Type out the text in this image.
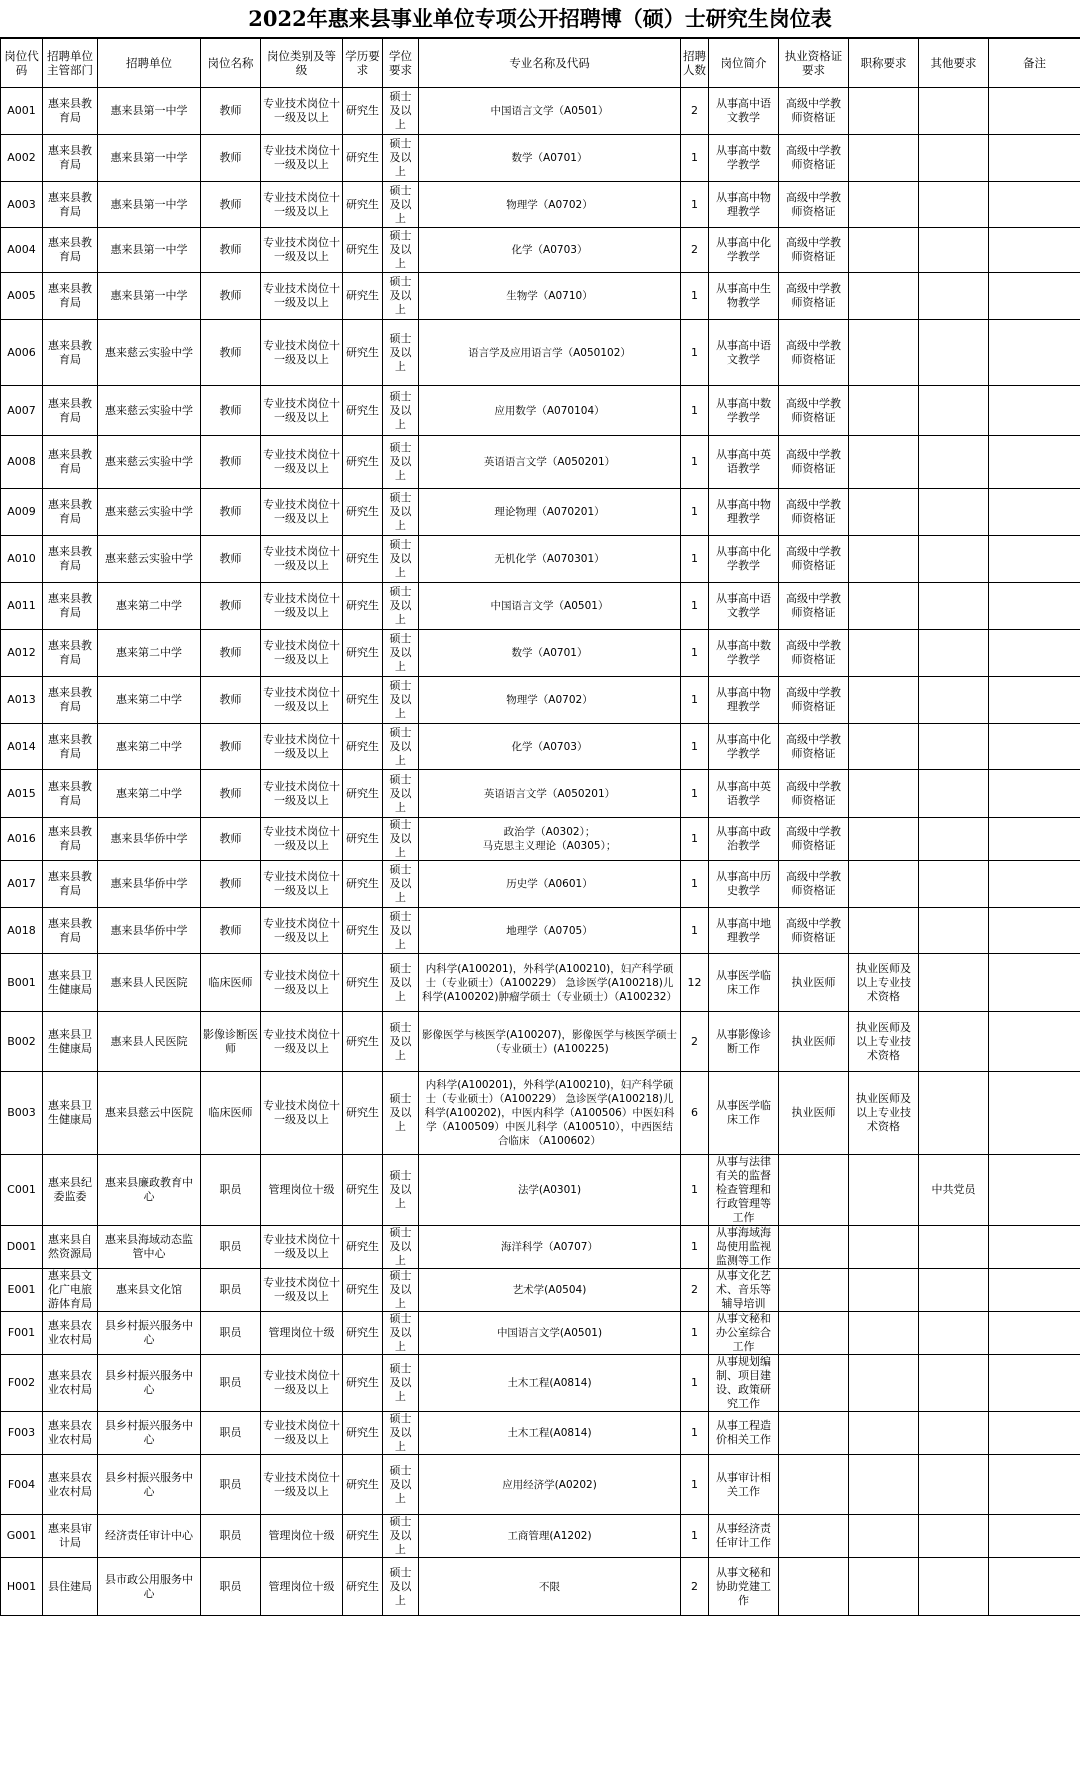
2022年惠来县事业单位专项公开招聘博（硕）士研究生岗位表
岗位代码	招聘单位主管部门	招聘单位	岗位名称	岗位类别及等级	学历要求	学位要求	专业名称及代码	招聘人数	岗位简介	执业资格证要求	职称要求	其他要求	备注
A001	惠来县教育局	惠来县第一中学	教师	专业技术岗位十一级及以上	研究生	硕士及以上	中国语言文学（A0501）	2	从事高中语文教学	高级中学教师资格证			
A002	惠来县教育局	惠来县第一中学	教师	专业技术岗位十一级及以上	研究生	硕士及以上	数学（A0701）	1	从事高中数学教学	高级中学教师资格证			
A003	惠来县教育局	惠来县第一中学	教师	专业技术岗位十一级及以上	研究生	硕士及以上	物理学（A0702）	1	从事高中物理教学	高级中学教师资格证			
A004	惠来县教育局	惠来县第一中学	教师	专业技术岗位十一级及以上	研究生	硕士及以上	化学（A0703）	2	从事高中化学教学	高级中学教师资格证			
A005	惠来县教育局	惠来县第一中学	教师	专业技术岗位十一级及以上	研究生	硕士及以上	生物学（A0710）	1	从事高中生物教学	高级中学教师资格证			
A006	惠来县教育局	惠来慈云实验中学	教师	专业技术岗位十一级及以上	研究生	硕士及以上	语言学及应用语言学（A050102）	1	从事高中语文教学	高级中学教师资格证			
A007	惠来县教育局	惠来慈云实验中学	教师	专业技术岗位十一级及以上	研究生	硕士及以上	应用数学（A070104）	1	从事高中数学教学	高级中学教师资格证			
A008	惠来县教育局	惠来慈云实验中学	教师	专业技术岗位十一级及以上	研究生	硕士及以上	英语语言文学（A050201）	1	从事高中英语教学	高级中学教师资格证			
A009	惠来县教育局	惠来慈云实验中学	教师	专业技术岗位十一级及以上	研究生	硕士及以上	理论物理（A070201）	1	从事高中物理教学	高级中学教师资格证			
A010	惠来县教育局	惠来慈云实验中学	教师	专业技术岗位十一级及以上	研究生	硕士及以上	无机化学（A070301）	1	从事高中化学教学	高级中学教师资格证			
A011	惠来县教育局	惠来第二中学	教师	专业技术岗位十一级及以上	研究生	硕士及以上	中国语言文学（A0501）	1	从事高中语文教学	高级中学教师资格证			
A012	惠来县教育局	惠来第二中学	教师	专业技术岗位十一级及以上	研究生	硕士及以上	数学（A0701）	1	从事高中数学教学	高级中学教师资格证			
A013	惠来县教育局	惠来第二中学	教师	专业技术岗位十一级及以上	研究生	硕士及以上	物理学（A0702）	1	从事高中物理教学	高级中学教师资格证			
A014	惠来县教育局	惠来第二中学	教师	专业技术岗位十一级及以上	研究生	硕士及以上	化学（A0703）	1	从事高中化学教学	高级中学教师资格证			
A015	惠来县教育局	惠来第二中学	教师	专业技术岗位十一级及以上	研究生	硕士及以上	英语语言文学（A050201）	1	从事高中英语教学	高级中学教师资格证			
A016	惠来县教育局	惠来县华侨中学	教师	专业技术岗位十一级及以上	研究生	硕士及以上	政治学（A0302）；
马克思主义理论（A0305）；	1	从事高中政治教学	高级中学教师资格证			
A017	惠来县教育局	惠来县华侨中学	教师	专业技术岗位十一级及以上	研究生	硕士及以上	历史学（A0601）	1	从事高中历史教学	高级中学教师资格证			
A018	惠来县教育局	惠来县华侨中学	教师	专业技术岗位十一级及以上	研究生	硕士及以上	地理学（A0705）	1	从事高中地理教学	高级中学教师资格证			
B001	惠来县卫生健康局	惠来县人民医院	临床医师	专业技术岗位十一级及以上	研究生	硕士及以上	内科学(A100201)，外科学(A100210)，妇产科学硕士（专业硕士）（A100229） 急诊医学(A100218)儿科学(A100202)肿瘤学硕士（专业硕士）（A100232）	12	从事医学临床工作	执业医师	执业医师及以上专业技术资格		
B002	惠来县卫生健康局	惠来县人民医院	影像诊断医师	专业技术岗位十一级及以上	研究生	硕士及以上	影像医学与核医学(A100207)，影像医学与核医学硕士（专业硕士）(A100225)	2	从事影像诊断工作	执业医师	执业医师及以上专业技术资格		
B003	惠来县卫生健康局	惠来县慈云中医院	临床医师	专业技术岗位十一级及以上	研究生	硕士及以上	内科学(A100201)，外科学(A100210)，妇产科学硕士（专业硕士）（A100229） 急诊医学(A100218)儿科学(A100202)，中医内科学（A100506）中医妇科学（A100509）中医儿科学（A100510），中西医结合临床 （A100602）	6	从事医学临床工作	执业医师	执业医师及以上专业技术资格		
C001	惠来县纪委监委	惠来县廉政教育中心	职员	管理岗位十级	研究生	硕士及以上	法学(A0301)	1	从事与法律有关的监督检查管理和行政管理等工作			中共党员	
D001	惠来县自然资源局	惠来县海域动态监管中心	职员	专业技术岗位十一级及以上	研究生	硕士及以上	海洋科学（A0707）	1	从事海域海岛使用监视监测等工作				
E001	惠来县文化广电旅游体育局	惠来县文化馆	职员	专业技术岗位十一级及以上	研究生	硕士及以上	艺术学(A0504)	2	从事文化艺术、音乐等辅导培训				
F001	惠来县农业农村局	县乡村振兴服务中心	职员	管理岗位十级	研究生	硕士及以上	中国语言文学(A0501)	1	从事文秘和办公室综合工作				
F002	惠来县农业农村局	县乡村振兴服务中心	职员	专业技术岗位十一级及以上	研究生	硕士及以上	土木工程(A0814)	1	从事规划编制、项目建设、政策研究工作				
F003	惠来县农业农村局	县乡村振兴服务中心	职员	专业技术岗位十一级及以上	研究生	硕士及以上	土木工程(A0814)	1	从事工程造价相关工作				
F004	惠来县农业农村局	县乡村振兴服务中心	职员	专业技术岗位十一级及以上	研究生	硕士及以上	应用经济学(A0202)	1	从事审计相关工作				
G001	惠来县审计局	经济责任审计中心	职员	管理岗位十级	研究生	硕士及以上	工商管理(A1202)	1	从事经济责任审计工作				
H001	县住建局	县市政公用服务中心	职员	管理岗位十级	研究生	硕士及以上	不限	2	从事文秘和协助党建工作				
